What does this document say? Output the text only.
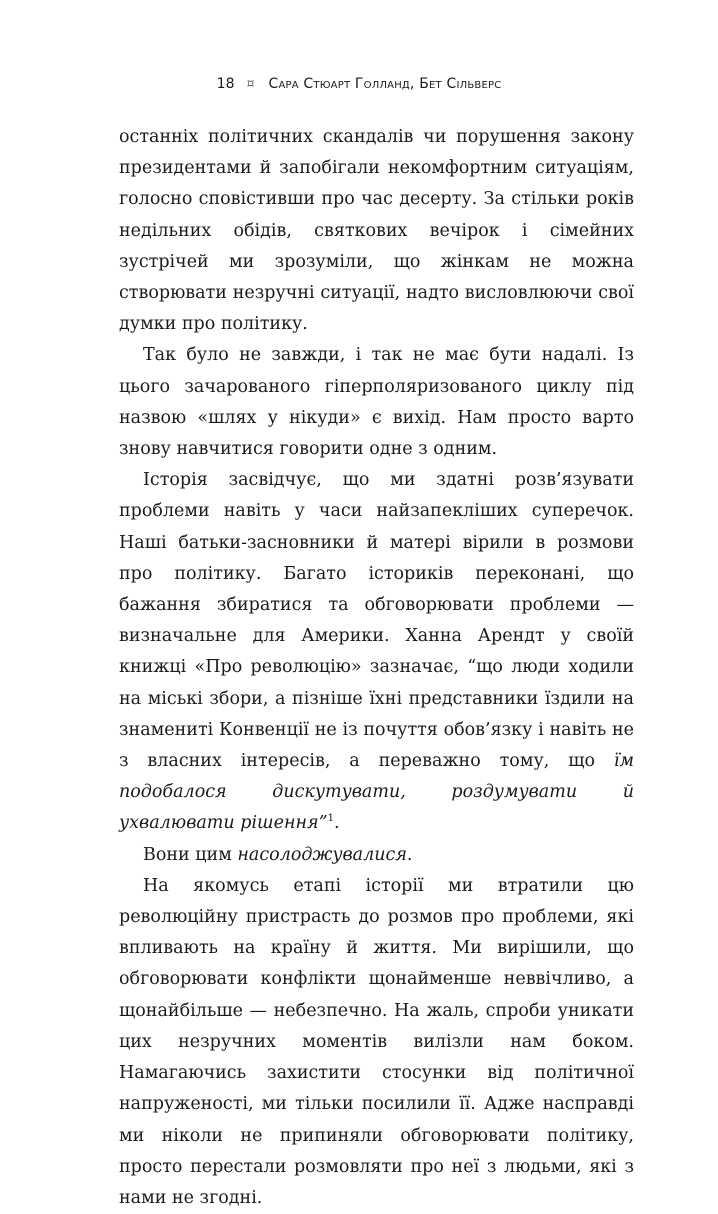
18 ⌑ Сара Стюарт Голланд, Бет Сільверс

останніх політичних скандалів чи порушення закону президентами й запобігали некомфортним ситуаціям, голосно сповістивши про час десерту. За стільки років недільних обідів, святкових вечірок і сімейних зустрічей ми зрозуміли, що жінкам не можна створювати незручні ситуації, надто висловлюючи свої думки про політику.

Так було не завжди, і так не має бути надалі. Із цього зачарованого гіперполяризованого циклу під назвою «шлях у нікуди» є вихід. Нам просто варто знову навчитися говорити одне з одним.

Історія засвідчує, що ми здатні розв’язувати проблеми навіть у часи найзапекліших суперечок. Наші батьки-засновники й матері вірили в розмови про політику. Багато істориків переконані, що бажання збиратися та обговорювати проблеми — визначальне для Америки. Ханна Арендт у своїй книжці «Про революцію» зазначає, “що люди ходили на міські збори, а пізніше їхні представники їздили на знамениті Конвенції не із почуття обов’язку і навіть не з власних інтересів, а переважно тому, що їм подобалося дискутувати, роздумувати й ухвалювати рішення”$^1$.

Вони цим насолоджувалися.

На якомусь етапі історії ми втратили цю революційну пристрасть до розмов про проблеми, які впливають на країну й життя. Ми вирішили, що обговорювати конфлікти щонайменше неввічливо, а щонайбільше — небезпечно. На жаль, спроби уникати цих незручних моментів вилізли нам боком. Намагаючись захистити стосунки від політичної напруженості, ми тільки посилили її. Адже насправді ми ніколи не припиняли обговорювати політику, просто перестали розмовляти про неї з людьми, які з нами не згодні.
